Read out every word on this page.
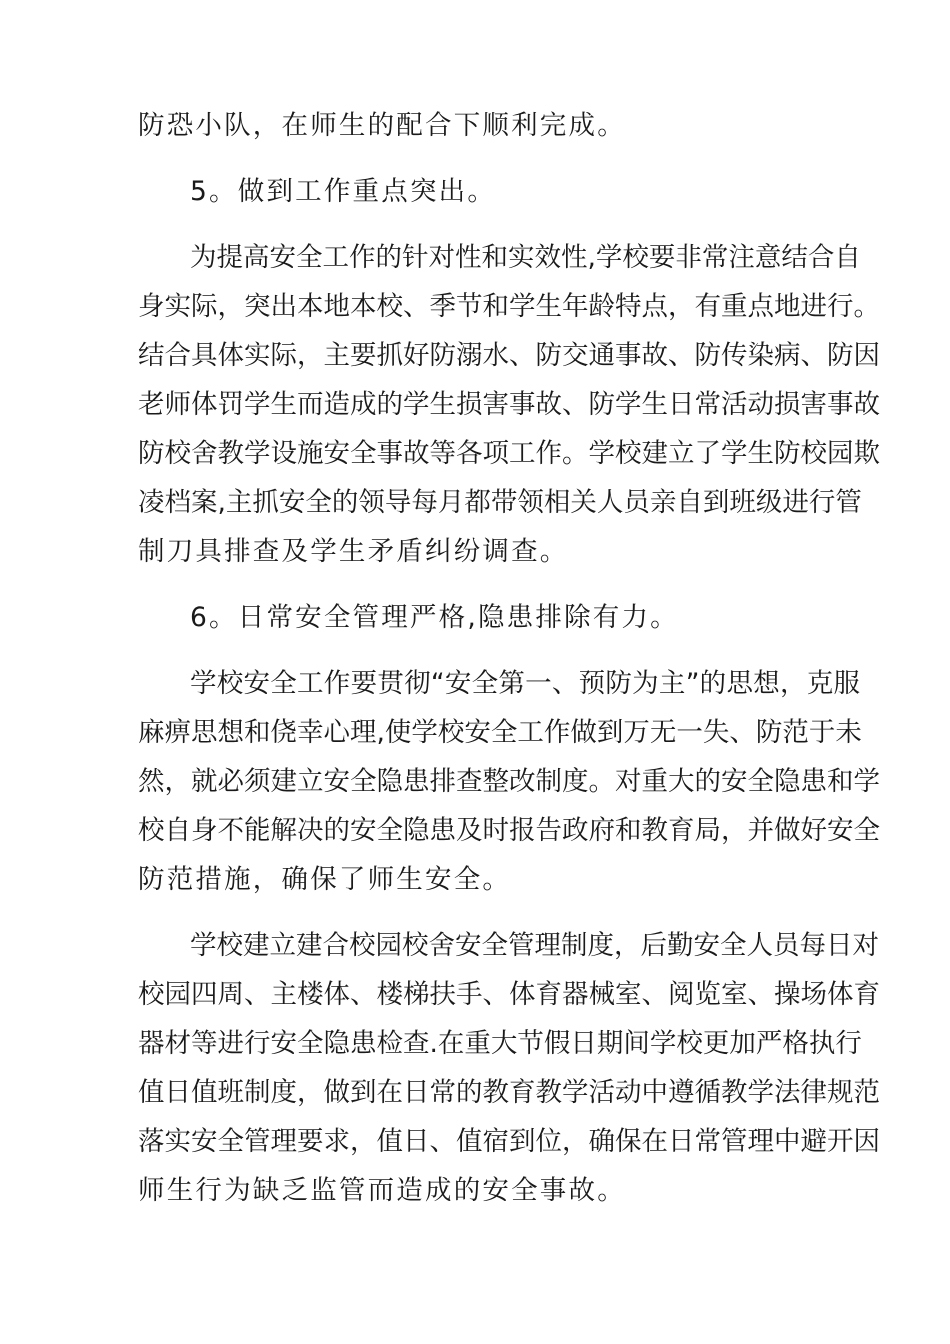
防恐小队，在师生的配合下顺利完成。
5。做到工作重点突出。
为提高安全工作的针对性和实效性,学校要非常注意结合自
身实际，突出本地本校、季节和学生年龄特点，有重点地进行。
结合具体实际，主要抓好防溺水、防交通事故、防传染病、防因
老师体罚学生而造成的学生损害事故、防学生日常活动损害事故
防校舍教学设施安全事故等各项工作。学校建立了学生防校园欺
凌档案,主抓安全的领导每月都带领相关人员亲自到班级进行管
制刀具排查及学生矛盾纠纷调查。
6。日常安全管理严格,隐患排除有力。
学校安全工作要贯彻“安全第一、预防为主”的思想，克服
麻痹思想和侥幸心理,使学校安全工作做到万无一失、防范于未
然，就必须建立安全隐患排查整改制度。对重大的安全隐患和学
校自身不能解决的安全隐患及时报告政府和教育局，并做好安全
防范措施，确保了师生安全。
学校建立建合校园校舍安全管理制度，后勤安全人员每日对
校园四周、主楼体、楼梯扶手、体育器械室、阅览室、操场体育
器材等进行安全隐患检查.在重大节假日期间学校更加严格执行
值日值班制度，做到在日常的教育教学活动中遵循教学法律规范
落实安全管理要求，值日、值宿到位，确保在日常管理中避开因
师生行为缺乏监管而造成的安全事故。
